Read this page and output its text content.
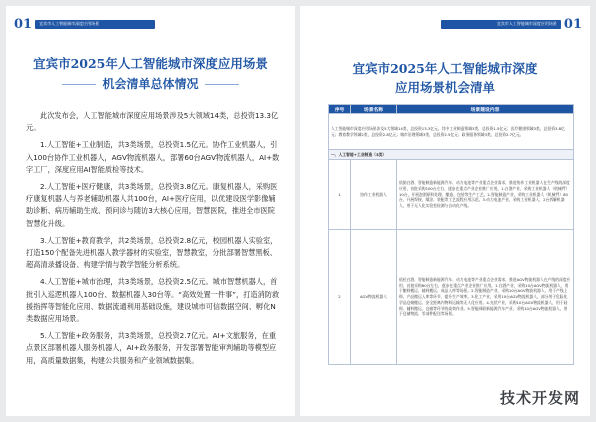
01 宜宾市人工智能城市深度应用场景
宜宾市2025年人工智能城市深度应用场景
机会清单总体情况

此次发布会，人工智能城市深度应用场景涉及5大领域14类，总投资13.3亿元。

1.人工智能+工业制造，共3类场景，总投资1.5亿元。协作工业机器人，引入100台协作工业机器人，AGV物流机器人，部署60台AGV物流机器人，AI+数字工厂，深度应用AI智能质检等技术。

2.人工智能+医疗健康，共3类场景，总投资3.8亿元。康复机器人，采购医疗康复机器人与养老辅助机器人共100台，AI+医疗应用，以优建设医学影像辅助诊断、病历辅助生成、预问诊与随访3大核心应用，智慧医院，推进全市医院智慧化升级。

3.人工智能+教育教学，共2类场景，总投资2.8亿元，校园机器人实验室，打造150个配备先进机器人教学器材的实验室，智慧教室，分批部署智慧黑板、超高清录播设备、构建学情与教学智能分析系统。

4.人工智能+城市治理，共3类场景，总投资2.5亿元。城市智慧机器人，首批引入巡逻机器人100台、数据机器人30台等。“高效处置一件事”，打造消防救援指挥等智能化应用、数据流通利用基础设施，建设城市可信数据空间、孵化N类数据应用场景。

5.人工智能+政务服务，共3类场景，总投资2.7亿元。AI+文旅服务，在重点景区部署机器人服务机器人，AI+政务服务，开发部署智能审判辅助等模型应用，高质量数据集，构建公共服务和产业领域数据集。

01
宜宾市人工智能城市深度应用场景
宜宾市2025年人工智能城市深度
应用场景机会清单
序号	场景名称	场景建设内容
人工智能城市深度应用场景涉及5大领域14类，总投资13.3亿元。其中工业制造领域3类，总投资1.5亿元；医疗健康领域3类，总投资3.8亿元；教育教学领域2类，总投资2.8亿元；城市治理领域3类，总投资2.5亿元；政务服务领域3类，总投资2.7亿元。		
一、人工智能+工业制造（3类）		
1	协作工业机器人	依据白酒、智能制造新能源汽车、动力电池等产业重点企业需求，推进协作工业机器人在生产线的深度应用，首批采购100台左右，逐步在重点产业企业推广应用。1.白酒产业，采购工业机器人（机械臂）10台，开展泡酒原料处理、酿造、包装等生产工艺。2.智能制造产业，采购工业机器人（机械臂）80台，开展焊接、喷涂、装配等工艺流程应用示范。3.动力电池产业，采购工业机器人，2台拆解机器人，用于无人化实验室检测与自动化产线。
2	AGV物流机器人	依托白酒、智能制造新能源汽车、动力电池等产业重点企业需求，推进AGV物流机器人在产线的深度应用，首批采购60台左右，逐步在重点产业企业推广应用。1.白酒产业，采购10台AGV物流机器人，用于酿料搬运、辅料搬运、成品入库等场景。2.智能制造产业，采购10台AGV物流机器人，用于产线上料、产品搬运入库等环节，提升生产效率。3.化工产业，采用10台AGV物流机器人，部分用于危险化学品仓储搬运、安全距离内物料运输等无人化应用。4.光伏产业，采购10台AGV物流机器人，用于硅料、辅料搬运、仓储等环节的高效作业。5.智能网联新能源汽车产业，采购10台AGV物流机器人，用于仓储物流、零部件配送等场景。
技术开发网
